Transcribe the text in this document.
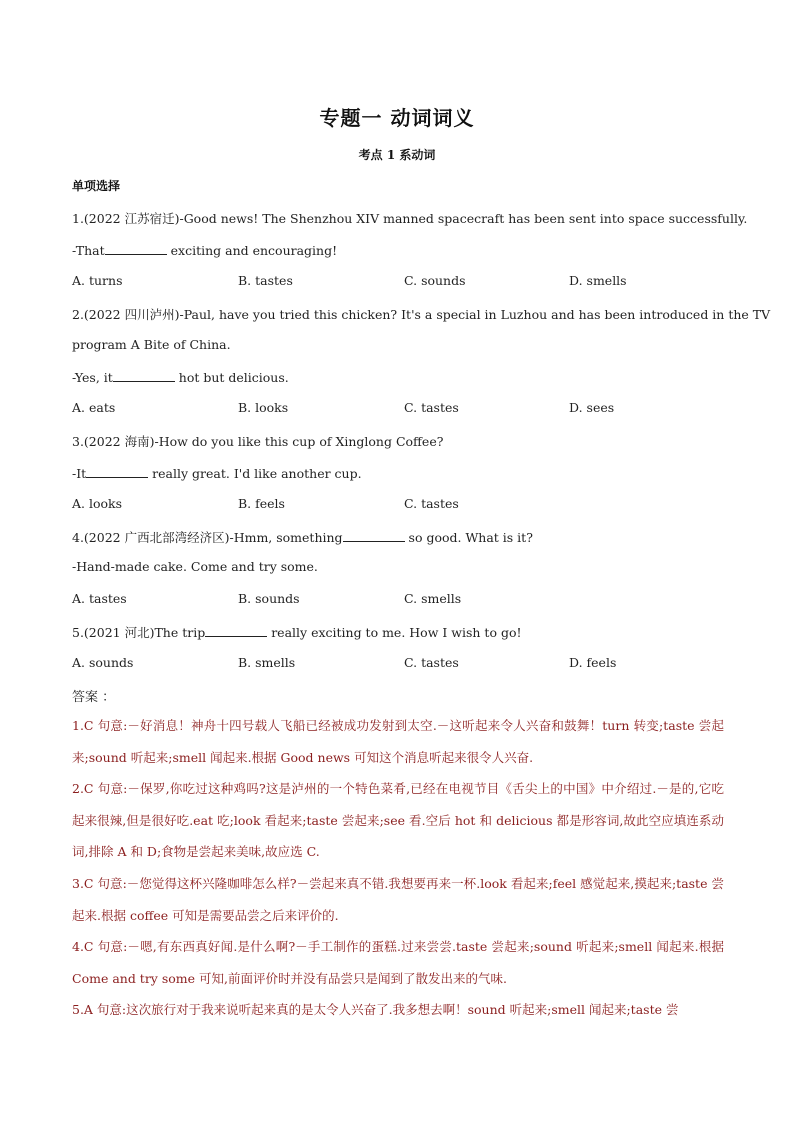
专题一 动词词义
考点 1 系动词
单项选择
1.(2022 江苏宿迁)-Good news! The Shenzhou XIV manned spacecraft has been sent into space successfully.
-That	exciting and encouraging!
A. turns	B. tastes	C. sounds	D. smells
2.(2022 四川泸州)-Paul, have you tried this chicken? It's a special in Luzhou and has been introduced in the TV
program A Bite of China.
-Yes, it	hot but delicious.
A. eats	B. looks	C. tastes	D. sees
3.(2022 海南)-How do you like this cup of Xinglong Coffee?
-It	really great. I'd like another cup.
A. looks	B. feels	C. tastes
4.(2022 广西北部湾经济区)-Hmm, something	so good. What is it?
-Hand-made cake. Come and try some.
A. tastes	B. sounds	C. smells
5.(2021 河北)The trip	really exciting to me. How I wish to go!
A. sounds	B. smells	C. tastes	D. feels
答案 ：
1.C 句意:－好消息！神舟十四号载人飞船已经被成功发射到太空.－这听起来令人兴奋和鼓舞！turn 转变;taste 尝起来;sound 听起来;smell 闻起来.根据 Good news 可知这个消息听起来很令人兴奋.
2.C 句意:－保罗,你吃过这种鸡吗?这是泸州的一个特色菜肴,已经在电视节目《舌尖上的中国》中介绍过.－是的,它吃起来很辣,但是很好吃.eat 吃;look 看起来;taste 尝起来;see 看.空后 hot 和 delicious 都是形容词,故此空应填连系动词,排除 A 和 D;食物是尝起来美味,故应选 C.
3.C 句意:－您觉得这杯兴隆咖啡怎么样?－尝起来真不错.我想要再来一杯.look 看起来;feel 感觉起来,摸起来;taste 尝起来.根据 coffee 可知是需要品尝之后来评价的.
4.C 句意:－嗯,有东西真好闻.是什么啊?－手工制作的蛋糕.过来尝尝.taste 尝起来;sound 听起来;smell 闻起来.根据 Come and try some 可知,前面评价时并没有品尝只是闻到了散发出来的气味.
5.A 句意:这次旅行对于我来说听起来真的是太令人兴奋了.我多想去啊！sound 听起来;smell 闻起来;taste 尝
